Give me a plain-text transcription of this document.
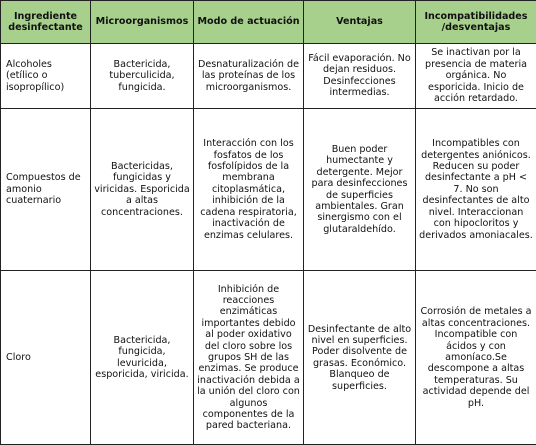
Ingrediente desinfectante	Microorganismos	Modo de actuación	Ventajas	Incompatibilidades /desventajas

Alcoholes (etílico o isopropílico)	Bactericida, tuberculicida, fungicida.	Desnaturalización de las proteínas de los microorganismos.	Fácil evaporación. No dejan residuos. Desinfecciones intermedias.	Se inactivan por la presencia de materia orgánica. No esporicida. Inicio de acción retardado.

Compuestos de amonio cuaternario	Bactericidas, fungicidas y viricidas. Esporicida a altas concentraciones.	Interacción con los fosfatos de los fosfolípidos de la membrana citoplasmática, inhibición de la cadena respiratoria, inactivación de enzimas celulares.	Buen poder humectante y detergente. Mejor para desinfecciones de superficies ambientales. Gran sinergismo con el glutaraldehído.	Incompatibles con detergentes aniónicos. Reducen su poder desinfectante a pH < 7. No son desinfectantes de alto nivel. Interaccionan con hipocloritos y derivados amoniacales.

Cloro	Bactericida, fungicida, levuricida, esporicida, viricida.	Inhibición de reacciones enzimáticas importantes debido al poder oxidativo del cloro sobre los grupos SH de las enzimas. Se produce inactivación debida a la unión del cloro con algunos componentes de la pared bacteriana.	Desinfectante de alto nivel en superficies. Poder disolvente de grasas. Económico. Blanqueo de superficies.	Corrosión de metales a altas concentraciones. Incompatible con ácidos y con amoníaco.Se descompone a altas temperaturas. Su actividad depende del pH.
